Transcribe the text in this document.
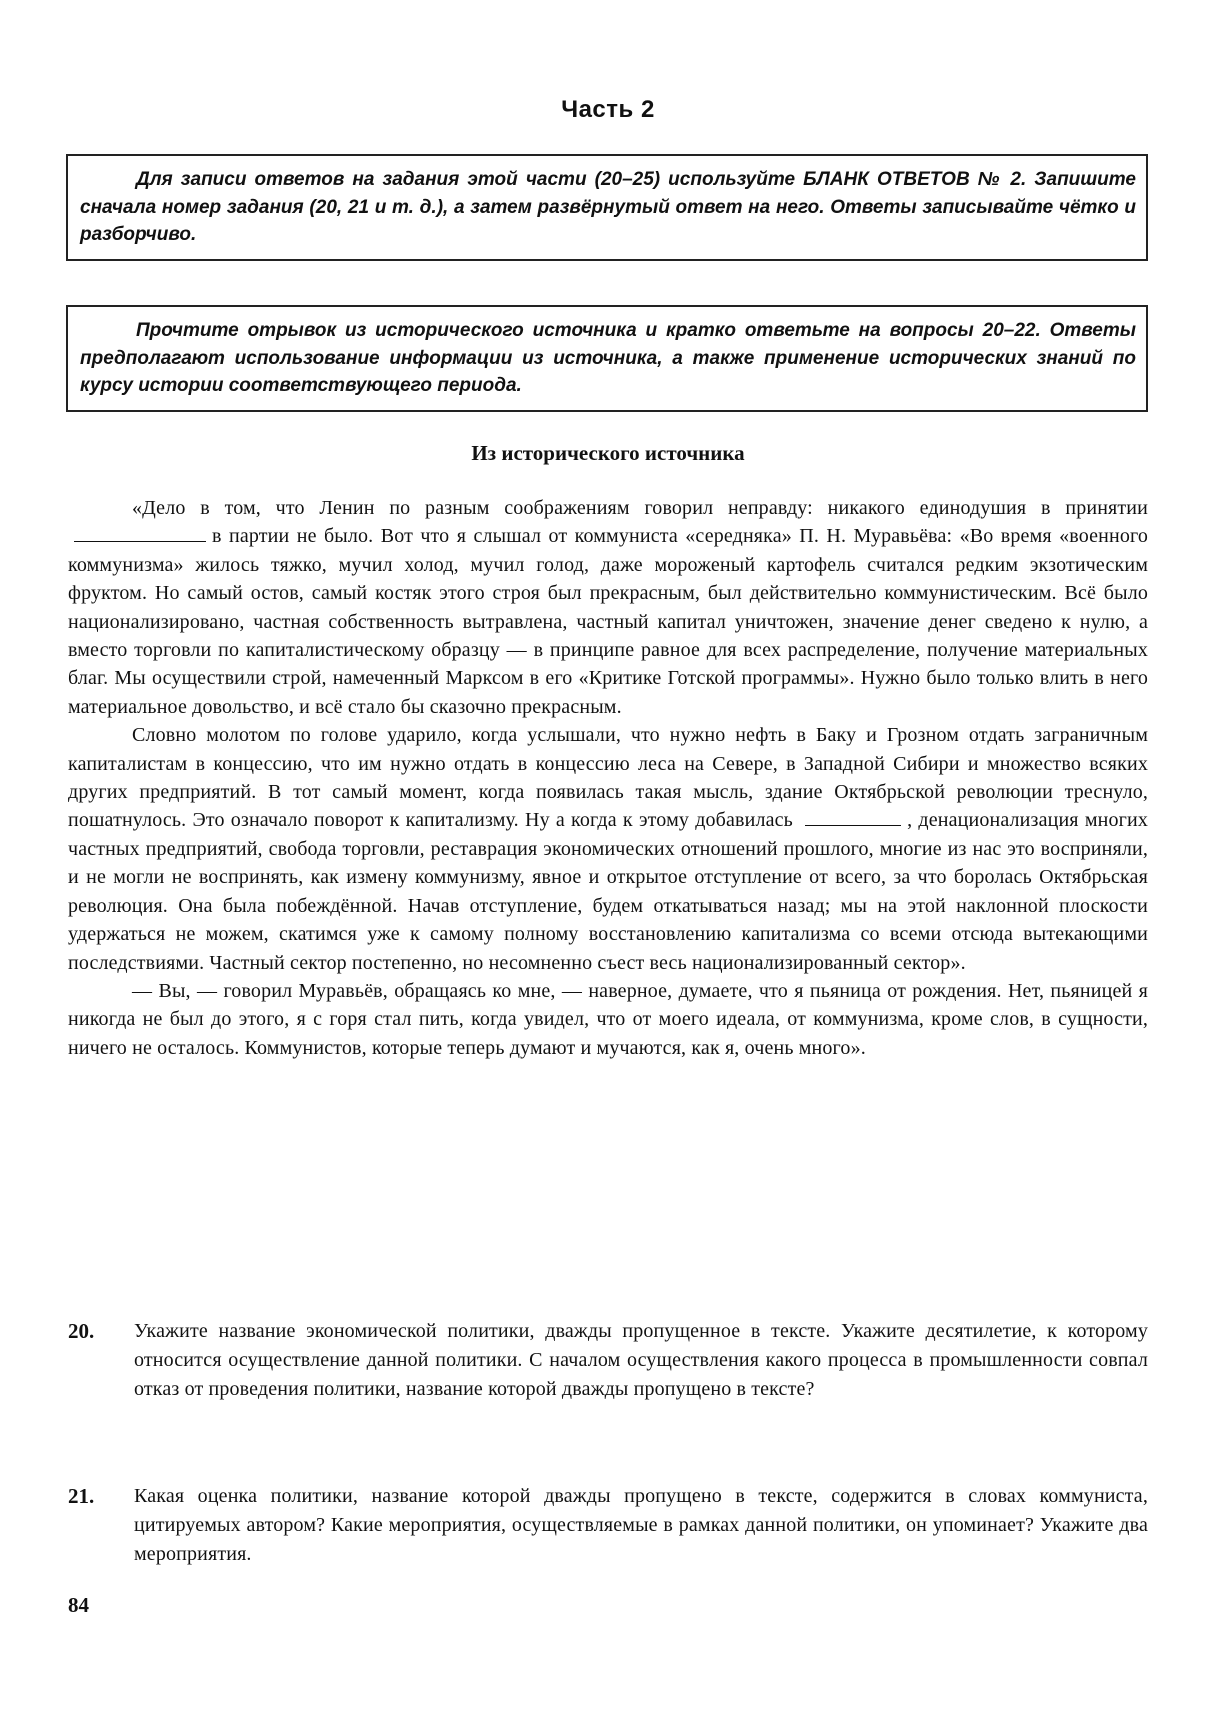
Часть 2

Для записи ответов на задания этой части (20–25) используйте БЛАНК ОТВЕТОВ № 2. Запишите сначала номер задания (20, 21 и т. д.), а затем развёрнутый ответ на него. Ответы записывайте чётко и разборчиво.

Прочтите отрывок из исторического источника и кратко ответьте на вопросы 20–22. Ответы предполагают использование информации из источника, а также применение исторических знаний по курсу истории соответствующего периода.

Из исторического источника

«Дело в том, что Ленин по разным соображениям говорил неправду: никакого единодушия в принятиив партии не было. Вот что я слышал от коммуниста «середняка» П. Н. Муравьёва: «Во время «военного коммунизма» жилось тяжко, мучил холод, мучил голод, даже мороженый картофель считался редким экзотическим фруктом. Но самый остов, самый костяк этого строя был прекрасным, был действительно коммунистическим. Всё было национализировано, частная собственность вытравлена, частный капитал уничтожен, значение денег сведено к нулю, а вместо торговли по капиталистическому образцу — в принципе равное для всех распределение, получение материальных благ. Мы осуществили строй, намеченный Марксом в его «Критике Готской программы». Нужно было только влить в него материальное довольство, и всё стало бы сказочно прекрасным.

Словно молотом по голове ударило, когда услышали, что нужно нефть в Баку и Грозном отдать заграничным капиталистам в концессию, что им нужно отдать в концессию леса на Севере, в Западной Сибири и множество всяких других предприятий. В тот самый момент, когда появилась такая мысль, здание Октябрьской революции треснуло, пошатнулось. Это означало поворот к капитализму. Ну а когда к этому добавилась	, денационализация многих частных предприятий, свобода торговли, реставрация экономических отношений прошлого, многие из нас это восприняли, и не могли не воспринять, как измену коммунизму, явное и открытое отступление от всего, за что боролась Октябрьская революция. Она была побеждённой. Начав отступление, будем откатываться назад; мы на этой наклонной плоскости удержаться не можем, скатимся уже к самому полному восстановлению капитализма со всеми отсюда вытекающими последствиями. Частный сектор постепенно, но несомненно съест весь национализированный сектор».

— Вы, — говорил Муравьёв, обращаясь ко мне, — наверное, думаете, что я пьяница от рождения. Нет, пьяницей я никогда не был до этого, я с горя стал пить, когда увидел, что от моего идеала, от коммунизма, кроме слов, в сущности, ничего не осталось. Коммунистов, которые теперь думают и мучаются, как я, очень много».

20. Укажите название экономической политики, дважды пропущенное в тексте. Укажите десятилетие, к которому относится осуществление данной политики. С началом осуществления какого процесса в промышленности совпал отказ от проведения политики, название которой дважды пропущено в тексте?
21. Какая оценка политики, название которой дважды пропущено в тексте, содержится в словах коммуниста, цитируемых автором? Какие мероприятия, осуществляемые в рамках данной политики, он упоминает? Укажите два мероприятия.
84
